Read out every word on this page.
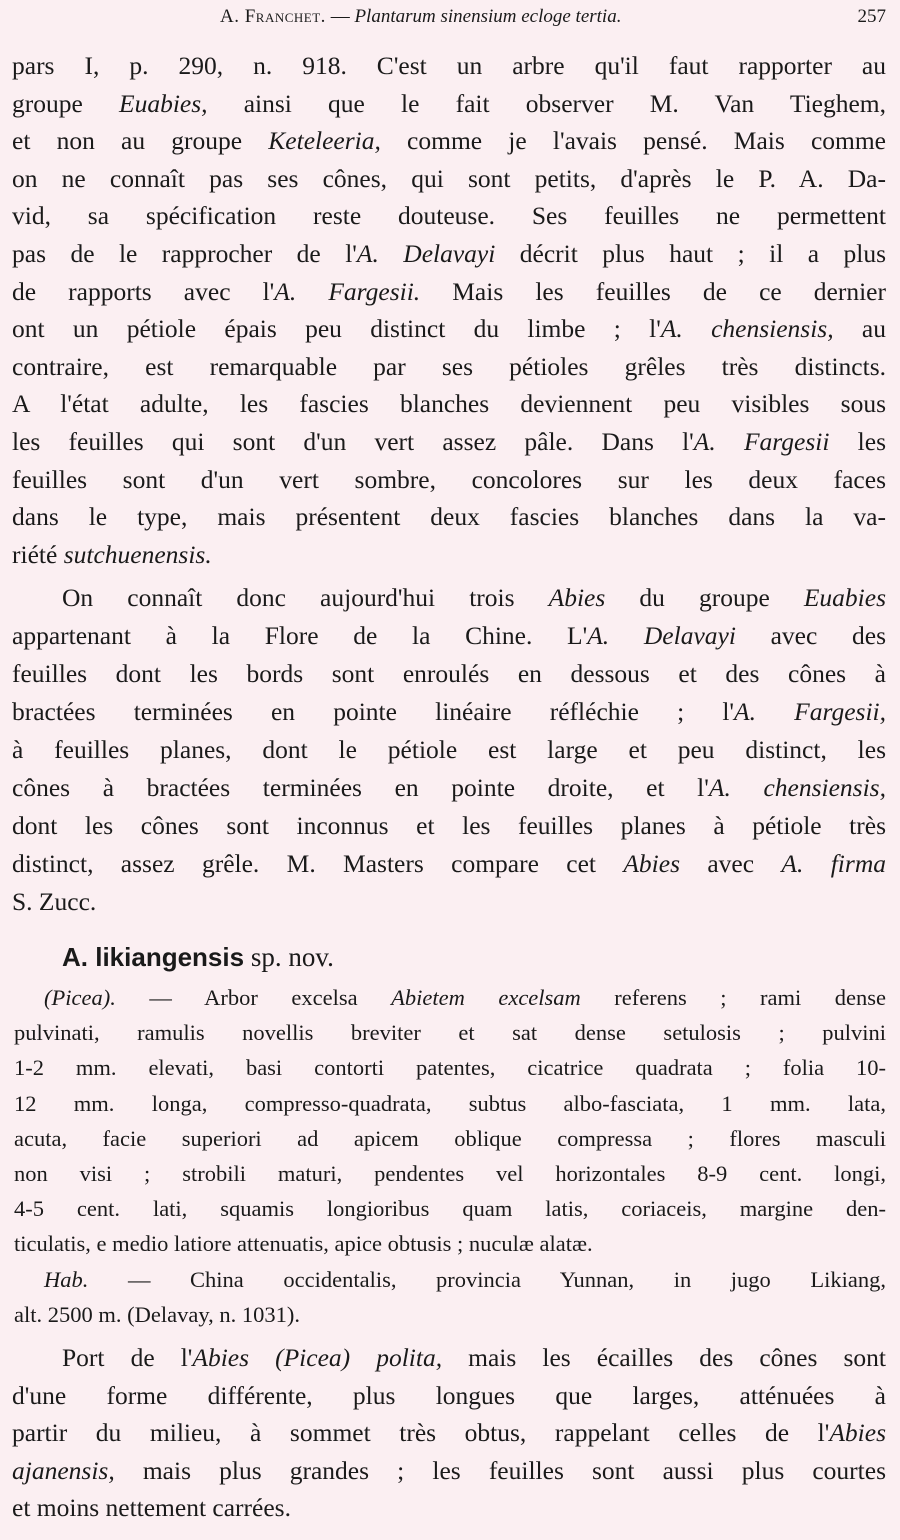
A. Franchet. — Plantarum sinensium ecloge tertia.	257
pars I, p. 290, n. 918. C'est un arbre qu'il faut rapporter au
groupe Euabies, ainsi que le fait observer M. Van Tieghem,
et non au groupe Keteleeria, comme je l'avais pensé. Mais comme
on ne connaît pas ses cônes, qui sont petits, d'après le P. A. Da-
vid, sa spécification reste douteuse. Ses feuilles ne permettent
pas de le rapprocher de l'A. Delavayi décrit plus haut ; il a plus
de rapports avec l'A. Fargesii. Mais les feuilles de ce dernier
ont un pétiole épais peu distinct du limbe ; l'A. chensiensis, au
contraire, est remarquable par ses pétioles grêles très distincts.
A l'état adulte, les fascies blanches deviennent peu visibles sous
les feuilles qui sont d'un vert assez pâle. Dans l'A. Fargesii les
feuilles sont d'un vert sombre, concolores sur les deux faces
dans le type, mais présentent deux fascies blanches dans la va-
riété sutchuenensis.
On connaît donc aujourd'hui trois Abies du groupe Euabies
appartenant à la Flore de la Chine. L'A. Delavayi avec des
feuilles dont les bords sont enroulés en dessous et des cônes à
bractées terminées en pointe linéaire réfléchie ; l'A. Fargesii,
à feuilles planes, dont le pétiole est large et peu distinct, les
cônes à bractées terminées en pointe droite, et l'A. chensiensis,
dont les cônes sont inconnus et les feuilles planes à pétiole très
distinct, assez grêle. M. Masters compare cet Abies avec A. firma
S. Zucc.
(Picea). — Arbor excelsa Abietem excelsam referens ; rami dense
pulvinati, ramulis novellis breviter et sat dense setulosis ; pulvini
1-2 mm. elevati, basi contorti patentes, cicatrice quadrata ; folia 10-
12 mm. longa, compresso-quadrata, subtus albo-fasciata, 1 mm. lata,
acuta, facie superiori ad apicem oblique compressa ; flores masculi
non visi ; strobili maturi, pendentes vel horizontales 8-9 cent. longi,
4-5 cent. lati, squamis longioribus quam latis, coriaceis, margine den-
ticulatis, e medio latiore attenuatis, apice obtusis ; nuculæ alatæ.
Hab. — China occidentalis, provincia Yunnan, in jugo Likiang,
alt. 2500 m. (Delavay, n. 1031).
Port de l'Abies (Picea) polita, mais les écailles des cônes sont
d'une forme différente, plus longues que larges, atténuées à
partir du milieu, à sommet très obtus, rappelant celles de l'Abies
ajanensis, mais plus grandes ; les feuilles sont aussi plus courtes
et moins nettement carrées.
A. likiangensis sp. nov.
